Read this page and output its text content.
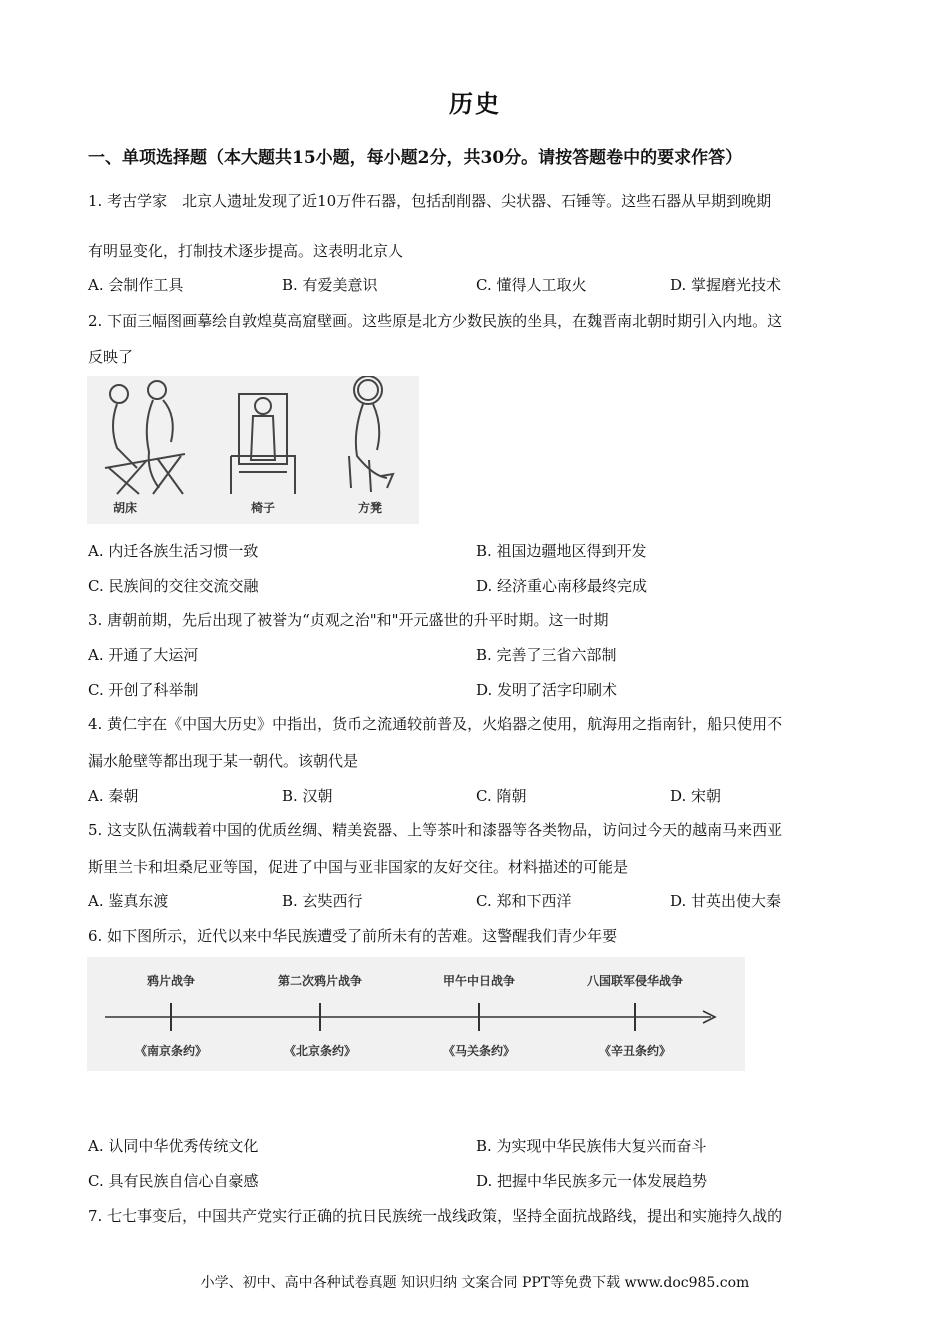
历史
一、单项选择题（本大题共15小题，每小题2分，共30分。请按答题卷中的要求作答）
1. 考古学家　北京人遗址发现了近10万件石器，包括刮削器、尖状器、石锤等。这些石器从早期到晚期
有明显变化，打制技术逐步提高。这表明北京人
A. 会制作工具	B. 有爱美意识	C. 懂得人工取火	D. 掌握磨光技术
2. 下面三幅图画摹绘自敦煌莫高窟壁画。这些原是北方少数民族的坐具，在魏晋南北朝时期引入内地。这
反映了
胡床	椅子	方凳
A. 内迁各族生活习惯一致	B. 祖国边疆地区得到开发
C. 民族间的交往交流交融	D. 经济重心南移最终完成
3. 唐朝前期，先后出现了被誉为“贞观之治"和"开元盛世的升平时期。这一时期
A. 开通了大运河	B. 完善了三省六部制
C. 开创了科举制	D. 发明了活字印刷术
4. 黄仁宇在《中国大历史》中指出，货币之流通较前普及，火焰器之使用，航海用之指南针，船只使用不
漏水舱壁等都出现于某一朝代。该朝代是
A. 秦朝	B. 汉朝	C. 隋朝	D. 宋朝
5. 这支队伍满载着中国的优质丝绸、精美瓷器、上等茶叶和漆器等各类物品，访问过今天的越南马来西亚
斯里兰卡和坦桑尼亚等国，促进了中国与亚非国家的友好交往。材料描述的可能是
A. 鉴真东渡	B. 玄奘西行	C. 郑和下西洋	D. 甘英出使大秦
6. 如下图所示，近代以来中华民族遭受了前所未有的苦难。这警醒我们青少年要
鸦片战争	第二次鸦片战争	甲午中日战争	八国联军侵华战争
《南京条约》	《北京条约》	《马关条约》	《辛丑条约》
A. 认同中华优秀传统文化	B. 为实现中华民族伟大复兴而奋斗
C. 具有民族自信心自豪感	D. 把握中华民族多元一体发展趋势
7. 七七事变后，中国共产党实行正确的抗日民族统一战线政策，坚持全面抗战路线，提出和实施持久战的
小学、初中、高中各种试卷真题 知识归纳 文案合同 PPT等免费下载 www.doc985.com
